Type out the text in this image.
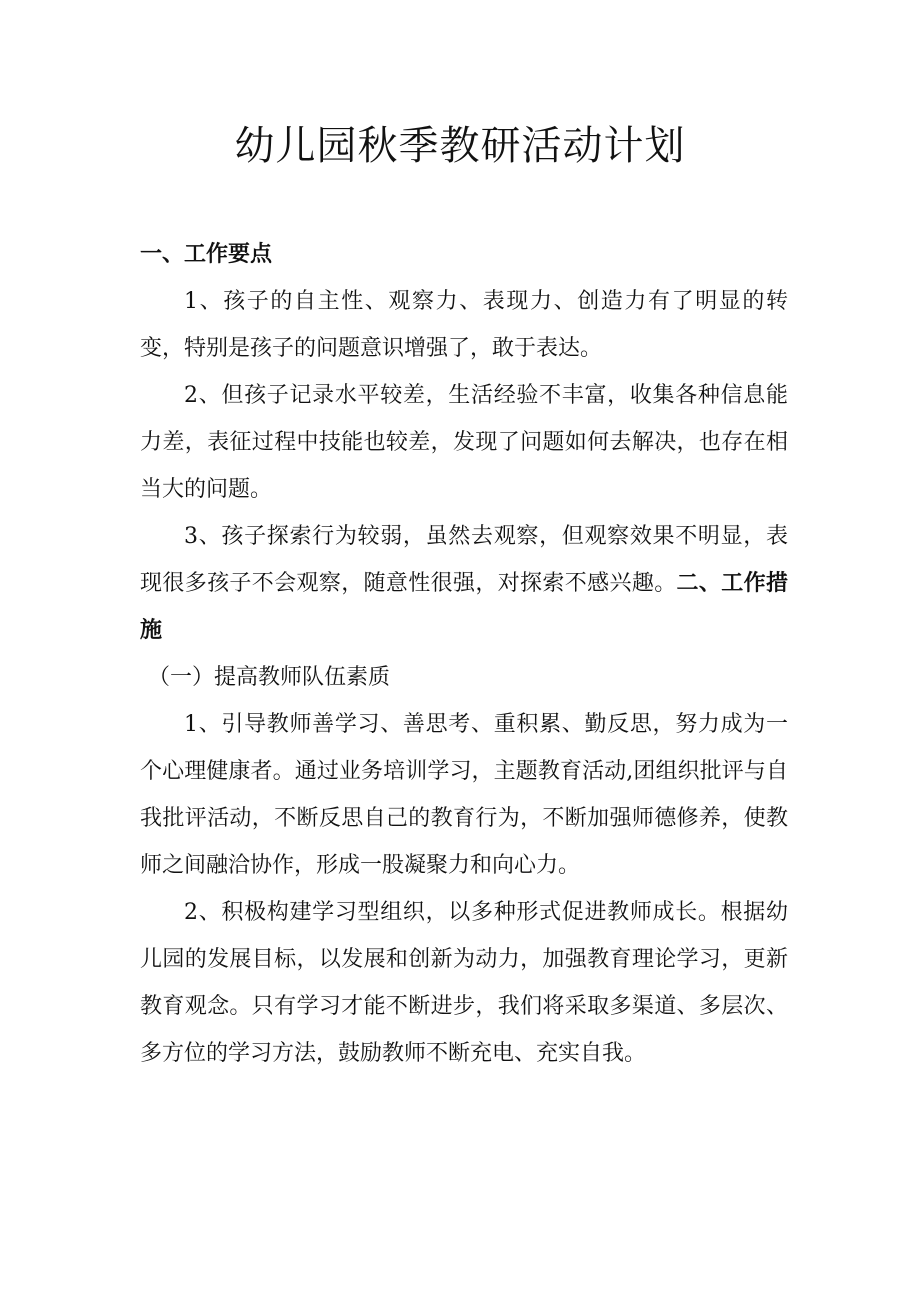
幼儿园秋季教研活动计划

一、工作要点

1、孩子的自主性、观察力、表现力、创造力有了明显的转变，特别是孩子的问题意识增强了，敢于表达。

2、但孩子记录水平较差，生活经验不丰富，收集各种信息能力差，表征过程中技能也较差，发现了问题如何去解决，也存在相当大的问题。

3、孩子探索行为较弱，虽然去观察，但观察效果不明显，表现很多孩子不会观察，随意性很强，对探索不感兴趣。二、工作措施

（一）提高教师队伍素质

1、引导教师善学习、善思考、重积累、勤反思，努力成为一个心理健康者。通过业务培训学习，主题教育活动,团组织批评与自我批评活动，不断反思自己的教育行为，不断加强师德修养，使教师之间融洽协作，形成一股凝聚力和向心力。

2、积极构建学习型组织，以多种形式促进教师成长。根据幼儿园的发展目标，以发展和创新为动力，加强教育理论学习，更新教育观念。只有学习才能不断进步，我们将采取多渠道、多层次、多方位的学习方法，鼓励教师不断充电、充实自我。
